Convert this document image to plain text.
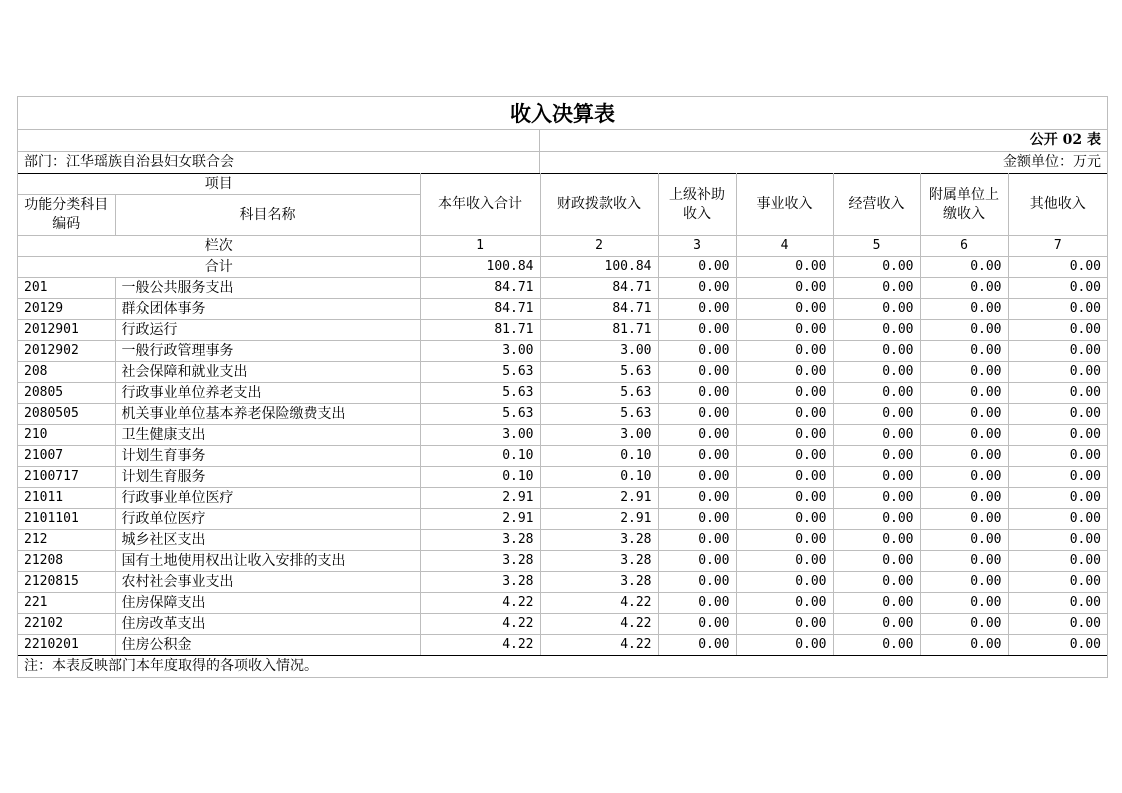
收入决算表
公开 02 表
部门：江华瑶族自治县妇女联合会	金额单位：万元
项目		本年收入合计	财政拨款收入	上级补助收入	事业收入	经营收入	附属单位上缴收入	其他收入
功能分类科目编码	科目名称							
栏次		1	2	3	4	5	6	7
合计		100.84	100.84	0.00	0.00	0.00	0.00	0.00
201	一般公共服务支出	84.71	84.71	0.00	0.00	0.00	0.00	0.00
20129	群众团体事务	84.71	84.71	0.00	0.00	0.00	0.00	0.00
2012901	行政运行	81.71	81.71	0.00	0.00	0.00	0.00	0.00
2012902	一般行政管理事务	3.00	3.00	0.00	0.00	0.00	0.00	0.00
208	社会保障和就业支出	5.63	5.63	0.00	0.00	0.00	0.00	0.00
20805	行政事业单位养老支出	5.63	5.63	0.00	0.00	0.00	0.00	0.00
2080505	机关事业单位基本养老保险缴费支出	5.63	5.63	0.00	0.00	0.00	0.00	0.00
210	卫生健康支出	3.00	3.00	0.00	0.00	0.00	0.00	0.00
21007	计划生育事务	0.10	0.10	0.00	0.00	0.00	0.00	0.00
2100717	计划生育服务	0.10	0.10	0.00	0.00	0.00	0.00	0.00
21011	行政事业单位医疗	2.91	2.91	0.00	0.00	0.00	0.00	0.00
2101101	行政单位医疗	2.91	2.91	0.00	0.00	0.00	0.00	0.00
212	城乡社区支出	3.28	3.28	0.00	0.00	0.00	0.00	0.00
21208	国有土地使用权出让收入安排的支出	3.28	3.28	0.00	0.00	0.00	0.00	0.00
2120815	农村社会事业支出	3.28	3.28	0.00	0.00	0.00	0.00	0.00
221	住房保障支出	4.22	4.22	0.00	0.00	0.00	0.00	0.00
22102	住房改革支出	4.22	4.22	0.00	0.00	0.00	0.00	0.00
2210201	住房公积金	4.22	4.22	0.00	0.00	0.00	0.00	0.00
注：本表反映部门本年度取得的各项收入情况。
